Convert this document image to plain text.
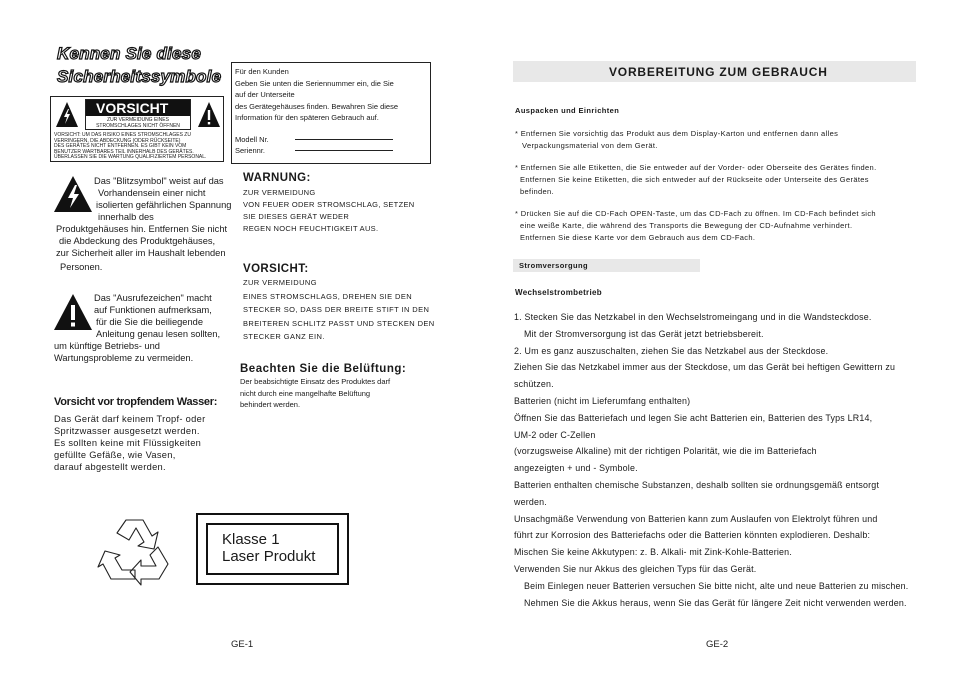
Kennen Sie diese
Sicherheitssymbole
VORSICHT
ZUR VERMEIDUNG EINES
STROMSCHLAGES NICHT ÖFFNEN
VORSICHT: UM DAS RISIKO EINES STROMSCHLAGES ZU
VERRINGERN, DIE ABDECKUNG (ODER RÜCKSEITE)
DES GERÄTES NICHT ENTFERNEN. ES GIBT KEIN VOM
BENUTZER WARTBARES TEIL INNERHALB DES GERÄTES.
ÜBERLASSEN SIE DIE WARTUNG QUALIFIZIERTEM PERSONAL.
Für den Kunden
Geben Sie unten die Seriennummer ein, die Sie
auf der Unterseite
des Gerätegehäuses finden. Bewahren Sie diese
Information für den späteren Gebrauch auf.
Modell Nr.
Seriennr.
Das "Blitzsymbol" weist auf das
Vorhandensein einer nicht
isolierten gefährlichen Spannung
innerhalb des
Produktgehäuses hin. Entfernen Sie nicht
die Abdeckung des Produktgehäuses,
zur Sicherheit aller im Haushalt lebenden
Personen.
Das "Ausrufezeichen" macht
auf Funktionen aufmerksam,
für die Sie die beiliegende
Anleitung genau lesen sollten,
um künftige Betriebs- und
Wartungsprobleme zu vermeiden.
WARNUNG:
ZUR VERMEIDUNG
VON FEUER ODER STROMSCHLAG, SETZEN
SIE DIESES GERÄT WEDER
REGEN NOCH FEUCHTIGKEIT AUS.
VORSICHT:
ZUR VERMEIDUNG
EINES STROMSCHLAGS, DREHEN SIE DEN
STECKER SO, DASS DER BREITE STIFT IN DEN
BREITEREN SCHLITZ PASST UND STECKEN DEN
STECKER GANZ EIN.
Beachten Sie die Belüftung:
Der beabsichtigte Einsatz des Produktes darf
nicht durch eine mangelhafte Belüftung
behindert werden.
Vorsicht vor tropfendem Wasser:
Das Gerät darf keinem Tropf- oder
Spritzwasser ausgesetzt werden.
Es sollten keine mit Flüssigkeiten
gefüllte Gefäße, wie Vasen,
darauf abgestellt werden.
Klasse 1
Laser Produkt
GE-1
VORBEREITUNG ZUM GEBRAUCH
Auspacken und Einrichten
* Entfernen Sie vorsichtig das Produkt aus dem Display-Karton und entfernen dann alles
Verpackungsmaterial von dem Gerät.
* Entfernen Sie alle Etiketten, die Sie entweder auf der Vorder- oder Oberseite des Gerätes finden.
Entfernen Sie keine Etiketten, die sich entweder auf der Rückseite oder Unterseite des Gerätes
befinden.
* Drücken Sie auf die CD-Fach OPEN-Taste, um das CD-Fach zu öffnen. Im CD-Fach befindet sich
eine weiße Karte, die während des Transports die Bewegung der CD-Aufnahme verhindert.
Entfernen Sie diese Karte vor dem Gebrauch aus dem CD-Fach.
Stromversorgung
Wechselstrombetrieb
1. Stecken Sie das Netzkabel in den Wechselstromeingang und in die Wandsteckdose.
Mit der Stromversorgung ist das Gerät jetzt betriebsbereit.
2. Um es ganz auszuschalten, ziehen Sie das Netzkabel aus der Steckdose.
Ziehen Sie das Netzkabel immer aus der Steckdose, um das Gerät bei heftigen Gewittern zu
schützen.
Batterien (nicht im Lieferumfang enthalten)
Öffnen Sie das Batteriefach und legen Sie acht Batterien ein, Batterien des Typs LR14,
UM-2 oder C-Zellen
(vorzugsweise Alkaline) mit der richtigen Polarität, wie die im Batteriefach
angezeigten + und - Symbole.
Batterien enthalten chemische Substanzen, deshalb sollten sie ordnungsgemäß entsorgt
werden.
Unsachgmäße Verwendung von Batterien kann zum Auslaufen von Elektrolyt führen und
führt zur Korrosion des Batteriefachs oder die Batterien könnten explodieren. Deshalb:
Mischen Sie keine Akkutypen: z. B. Alkali- mit Zink-Kohle-Batterien.
Verwenden Sie nur Akkus des gleichen Typs für das Gerät.
Beim Einlegen neuer Batterien versuchen Sie bitte nicht, alte und neue Batterien zu mischen.
Nehmen Sie die Akkus heraus, wenn Sie das Gerät für längere Zeit nicht verwenden werden.
GE-2
